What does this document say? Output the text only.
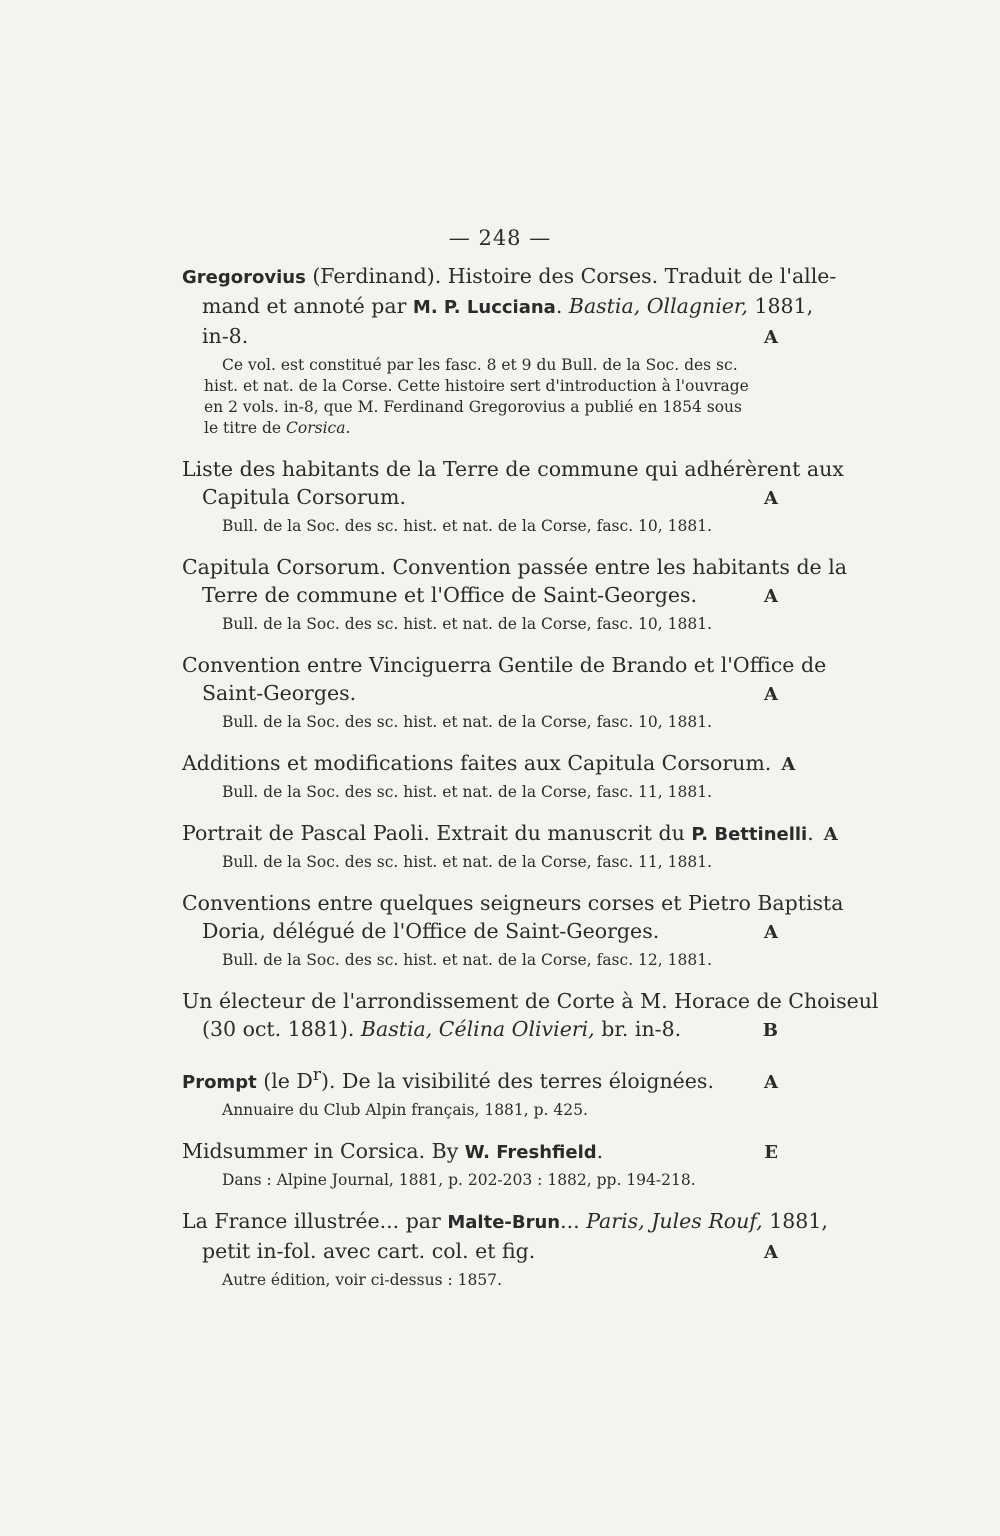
— 248 —
Gregorovius (Ferdinand). Histoire des Corses. Traduit de l'alle-
mand et annoté par M. P. Lucciana. Bastia, Ollagnier, 1881,
in-8.	A
Ce vol. est constitué par les fasc. 8 et 9 du Bull. de la Soc. des sc.
hist. et nat. de la Corse. Cette histoire sert d'introduction à l'ouvrage
en 2 vols. in-8, que M. Ferdinand Gregorovius a publié en 1854 sous
le titre de Corsica.
Liste des habitants de la Terre de commune qui adhérèrent aux
Capitula Corsorum.	A
Bull. de la Soc. des sc. hist. et nat. de la Corse, fasc. 10, 1881.
Capitula Corsorum. Convention passée entre les habitants de la
Terre de commune et l'Office de Saint-Georges.	A
Bull. de la Soc. des sc. hist. et nat. de la Corse, fasc. 10, 1881.
Convention entre Vinciguerra Gentile de Brando et l'Office de
Saint-Georges.	A
Bull. de la Soc. des sc. hist. et nat. de la Corse, fasc. 10, 1881.
Additions et modifications faites aux Capitula Corsorum. A
Bull. de la Soc. des sc. hist. et nat. de la Corse, fasc. 11, 1881.
Portrait de Pascal Paoli. Extrait du manuscrit du P. Bettinelli. A
Bull. de la Soc. des sc. hist. et nat. de la Corse, fasc. 11, 1881.
Conventions entre quelques seigneurs corses et Pietro Baptista
Doria, délégué de l'Office de Saint-Georges.	A
Bull. de la Soc. des sc. hist. et nat. de la Corse, fasc. 12, 1881.
Un électeur de l'arrondissement de Corte à M. Horace de Choiseul
(30 oct. 1881). Bastia, Célina Olivieri, br. in-8.	B
Prompt (le $D^r$). De la visibilité des terres éloignées.	A
Annuaire du Club Alpin français, 1881, p. 425.
Midsummer in Corsica. By W. Freshfield.	E
Dans : Alpine Journal, 1881, p. 202-203 : 1882, pp. 194-218.
La France illustrée... par Malte-Brun... Paris, Jules Rouf, 1881,
petit in-fol. avec cart. col. et fig.	A
Autre édition, voir ci-dessus : 1857.
